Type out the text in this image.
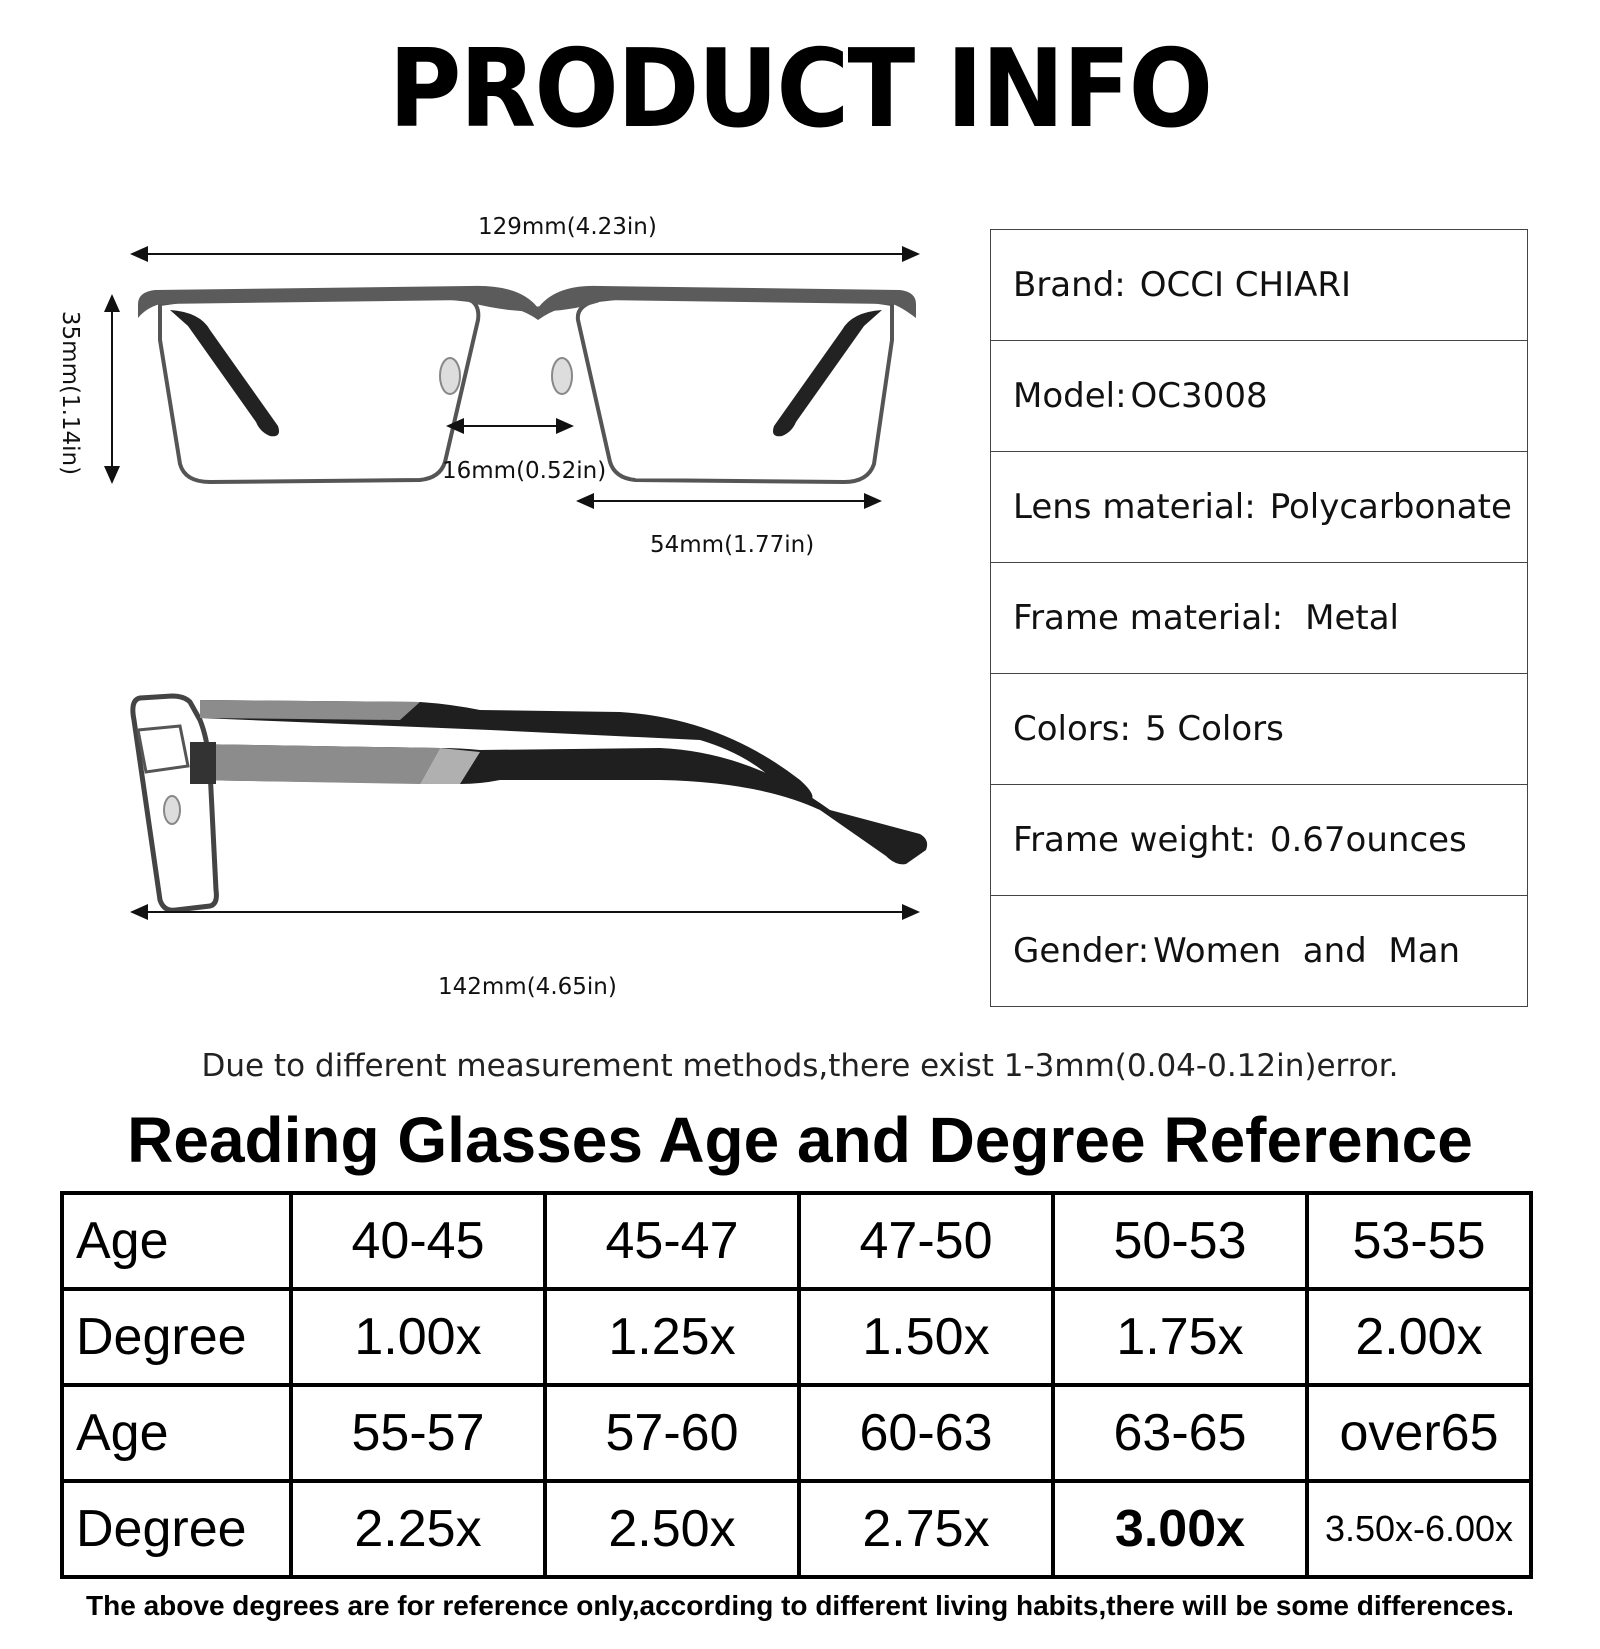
PRODUCT INFO
129mm(4.23in)
35mm(1.14in)	16mm(0.52in)
54mm(1.77in)
142mm(4.65in)
Brand: OCCI CHIARI
Model: OC3008
Lens material: Polycarbonate
Frame material: Metal
Colors: 5 Colors
Frame weight: 0.67ounces
Gender: Women  and  Man
Due to different measurement methods,there exist 1-3mm(0.04-0.12in)error.
Reading Glasses Age and Degree Reference
Age	40-45	45-47	47-50	50-53	53-55
Degree	1.00x	1.25x	1.50x	1.75x	2.00x
Age	55-57	57-60	60-63	63-65	over65
Degree	2.25x	2.50x	2.75x	3.00x	3.50x-6.00x
The above degrees are for reference only,according to different living habits,there will be some differences.
